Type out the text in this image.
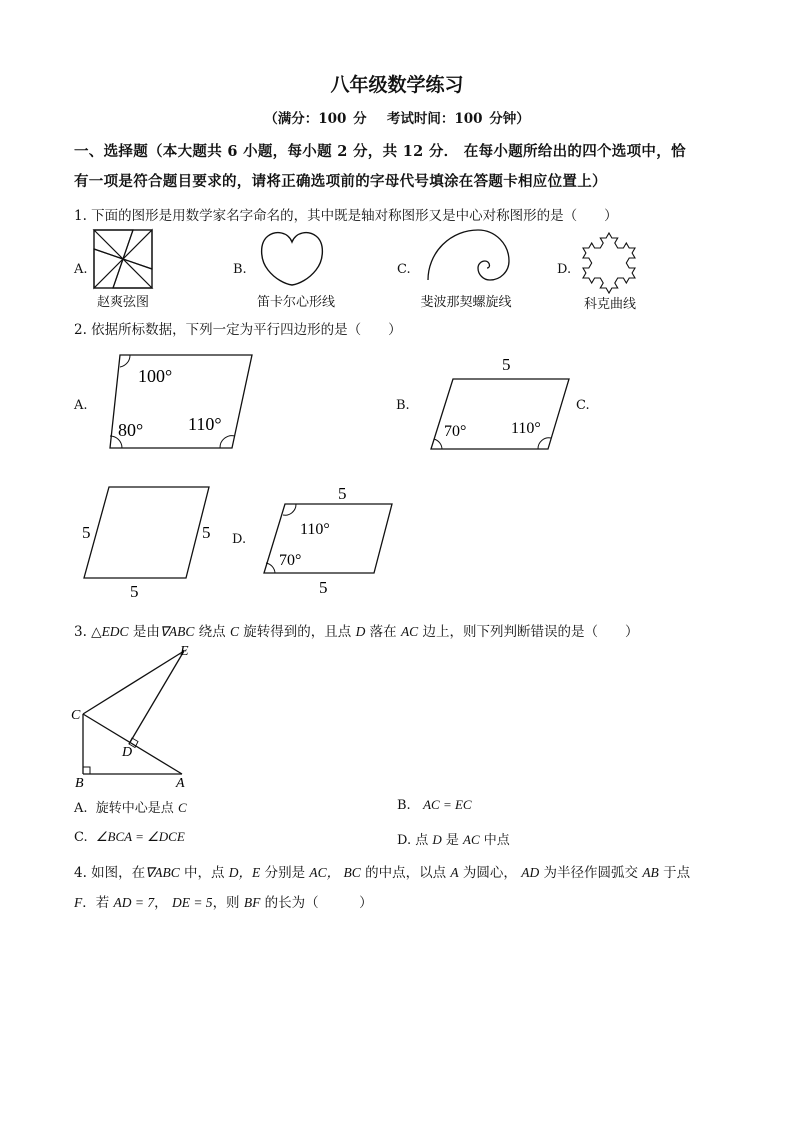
八年级数学练习
（满分：100 分　 考试时间：100 分钟）
一、选择题（本大题共 6 小题，每小题 2 分，共 12 分． 在每小题所给出的四个选项中，恰
有一项是符合题目要求的，请将正确选项前的字母代号填涂在答题卡相应位置上）
1. 下面的图形是用数学家名字命名的，其中既是轴对称图形又是中心对称图形的是（　　）
A.
赵爽弦图
B.
笛卡尔心形线
C.
斐波那契螺旋线
D.
科克曲线
2. 依据所标数据，下列一定为平行四边形的是（　　）
A.
100°
80° 110°
B.
5
70°	110°
C.
5	5
5
D.
5
110°
70°
5
3. △EDC 是由∇ABC 绕点 C 旋转得到的，且点 D 落在 AC 边上，则下列判断错误的是（　　）
E
C
D
B	A
A. 旋转中心是点 C	B. AC = EC
C. ∠BCA = ∠DCE	D. 点 D 是 AC 中点
4. 如图，在∇ABC 中，点 D，E 分别是 AC， BC 的中点，以点 A 为圆心， AD 为半径作圆弧交 AB 于点
F．若 AD = 7， DE = 5，则 BF 的长为（　　　）
